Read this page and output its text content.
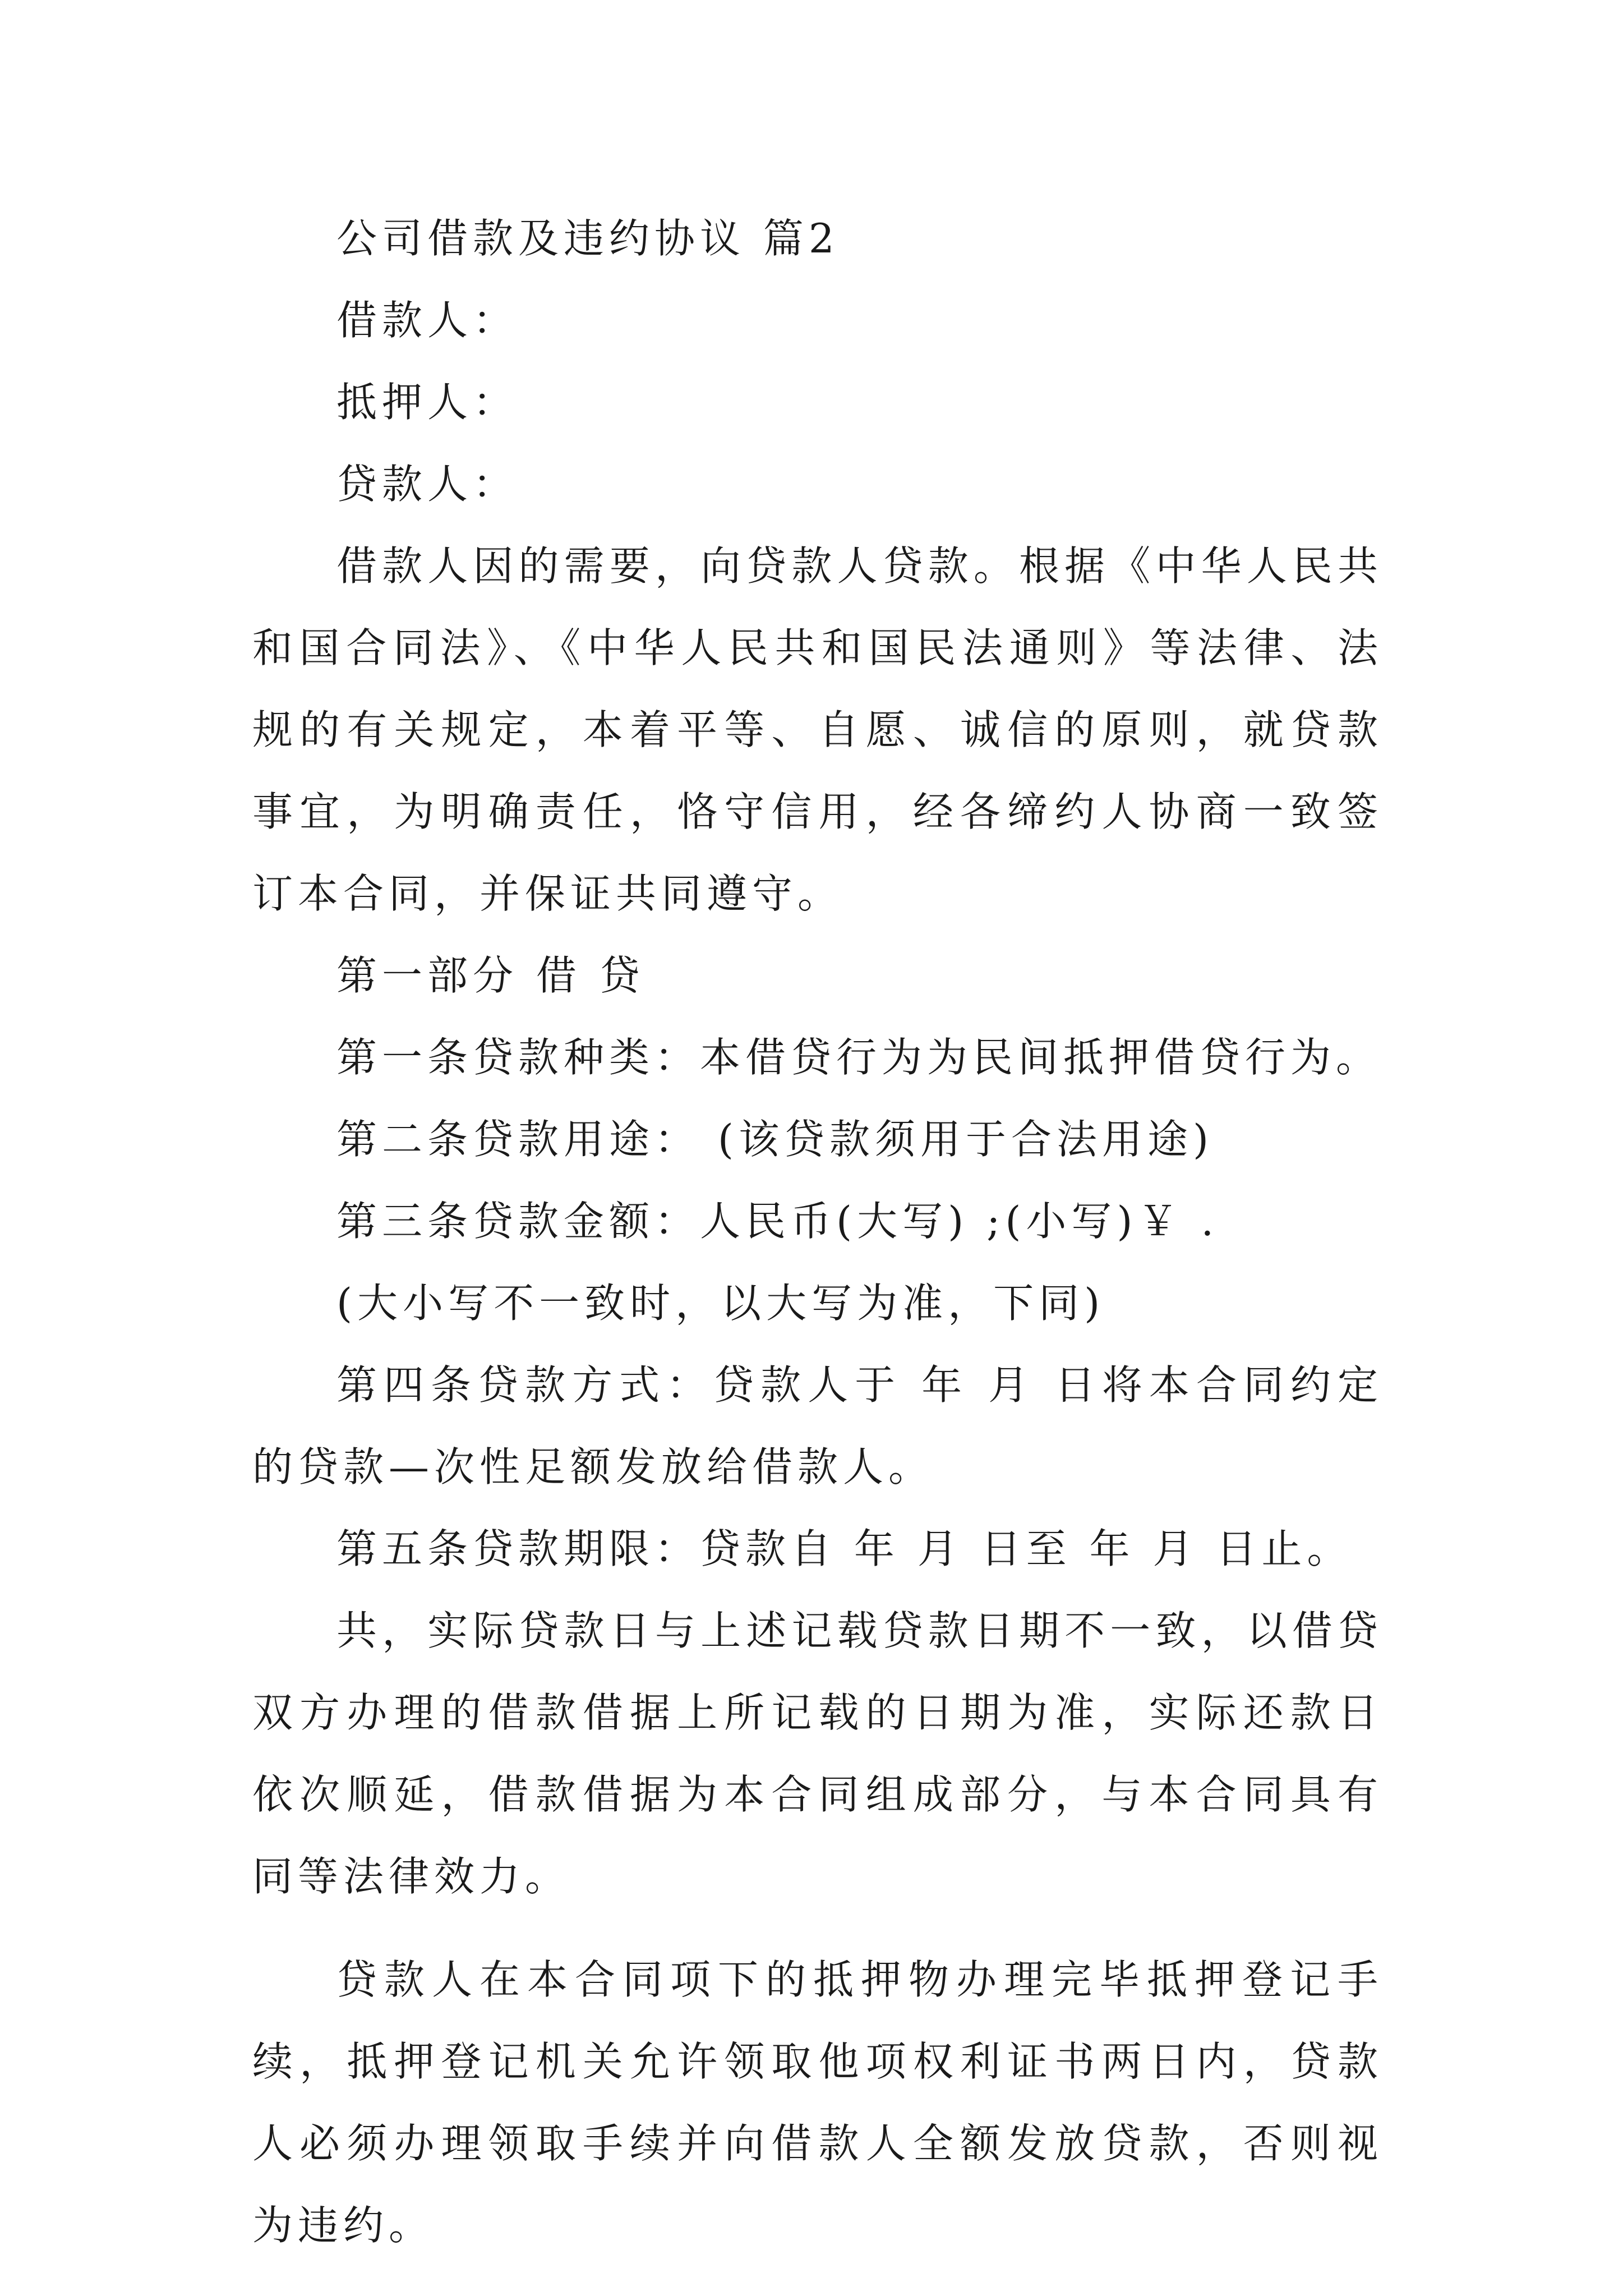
公司借款及违约协议 篇2

借款人：

抵押人：

贷款人：

借款人因的需要，向贷款人贷款。根据《中华人民共和国合同法》、《中华人民共和国民法通则》等法律、法规的有关规定，本着平等、自愿、诚信的原则，就贷款事宜，为明确责任，恪守信用，经各缔约人协商一致签订本合同，并保证共同遵守。

第一部分 借 贷

第一条贷款种类：本借贷行为为民间抵押借贷行为。

第二条贷款用途： (该贷款须用于合法用途)

第三条贷款金额：人民币(大写) ;(小写)￥ .

(大小写不一致时，以大写为准，下同)

第四条贷款方式：贷款人于 年 月 日将本合同约定的贷款—次性足额发放给借款人。

第五条贷款期限：贷款自 年 月 日至 年 月 日止。

共，实际贷款日与上述记载贷款日期不一致，以借贷双方办理的借款借据上所记载的日期为准，实际还款日依次顺延，借款借据为本合同组成部分，与本合同具有同等法律效力。

贷款人在本合同项下的抵押物办理完毕抵押登记手续，抵押登记机关允许领取他项权利证书两日内，贷款人必须办理领取手续并向借款人全额发放贷款，否则视为违约。
